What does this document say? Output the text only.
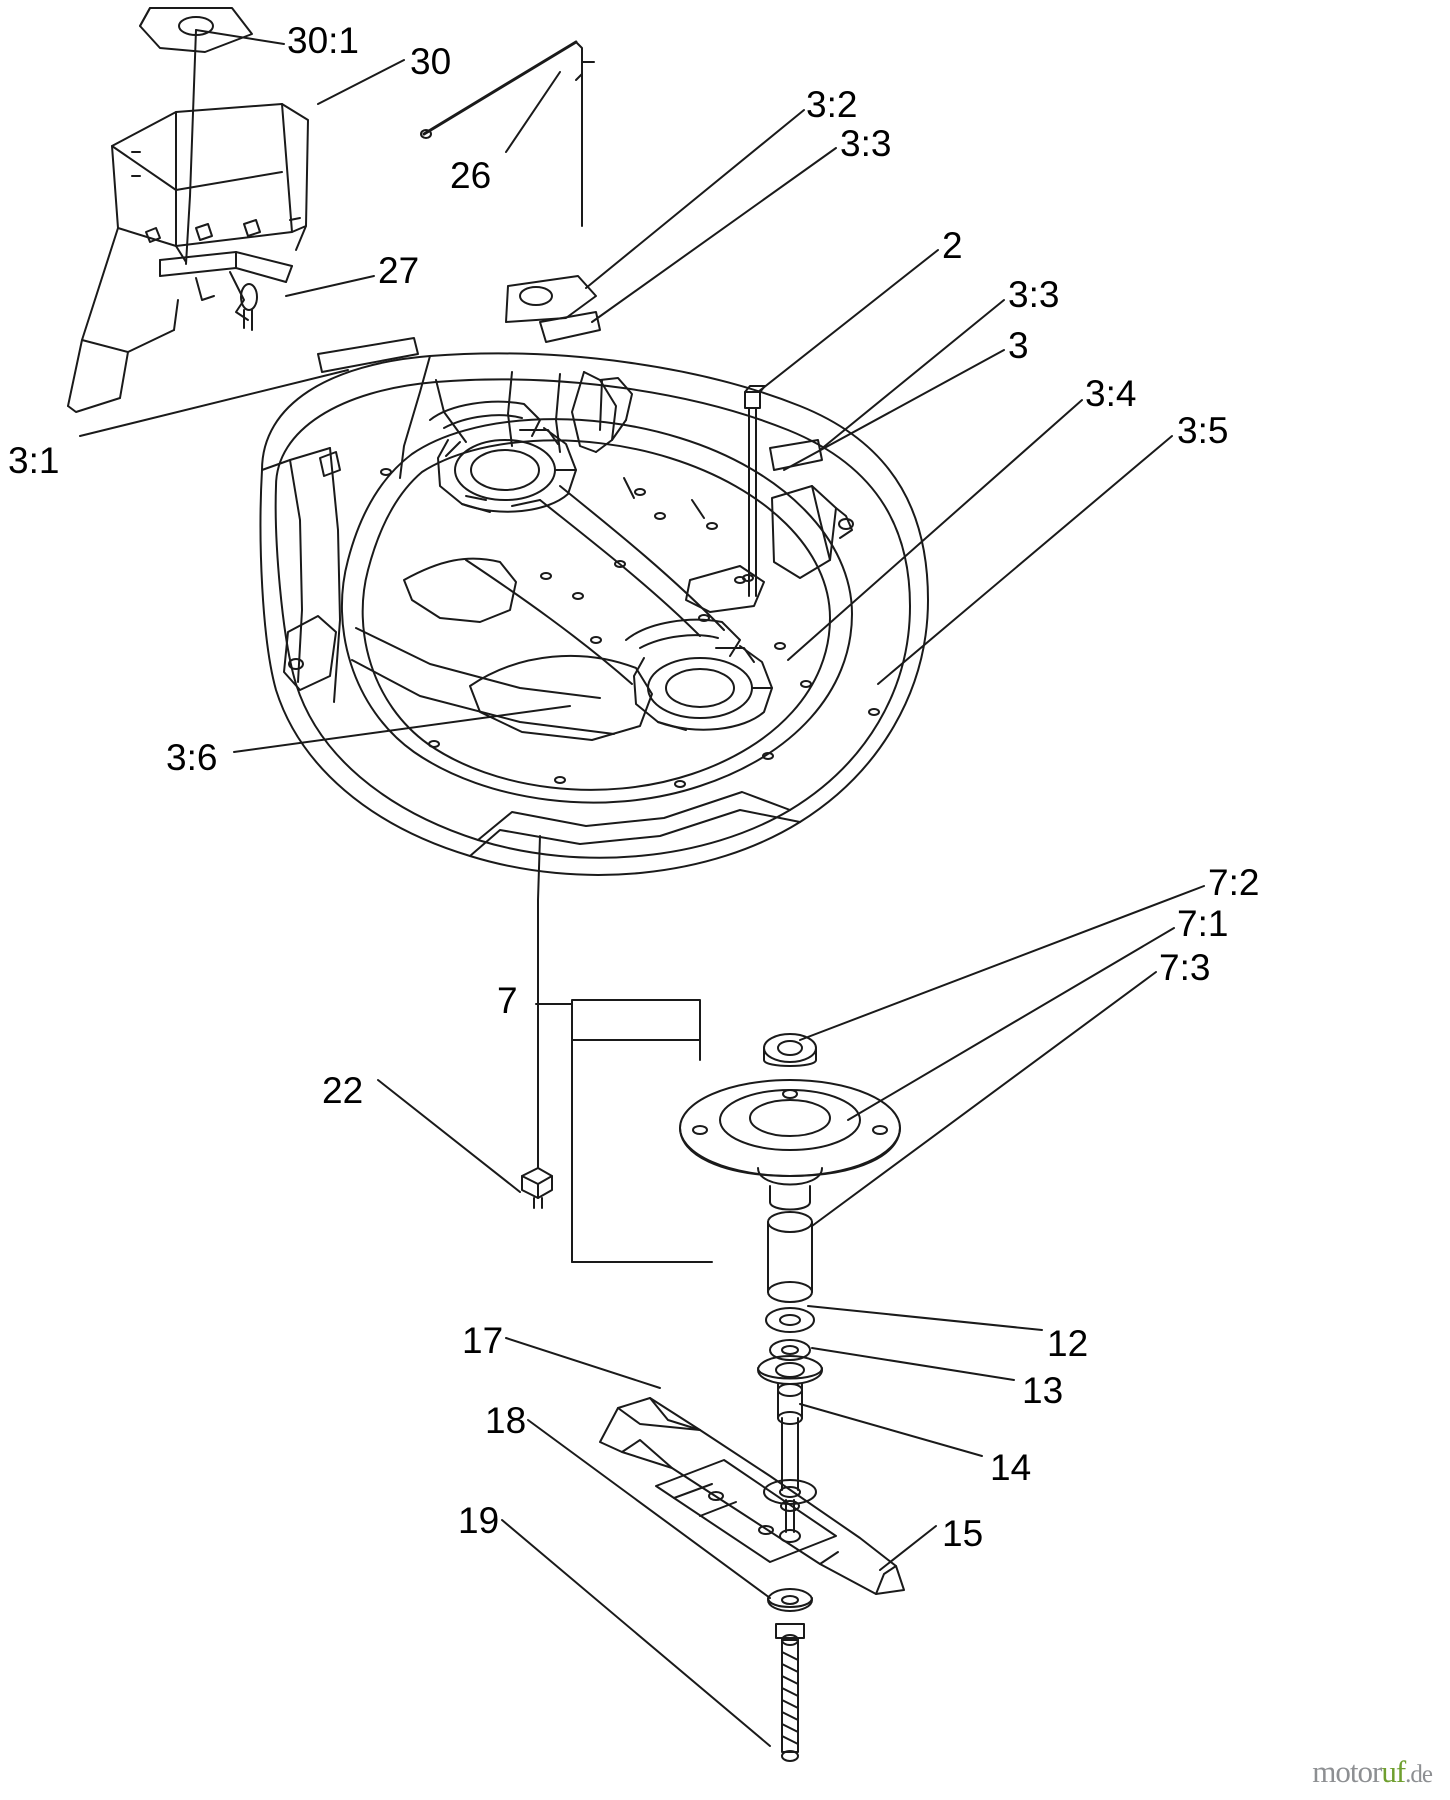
30:1
30
26
3:2
3:3
2
3:3
3
27
3:4
3:5
3:1
3:6
7:2
7:1
7:3
7
22
12
13
14
17
18
19	15
motoruf.de
